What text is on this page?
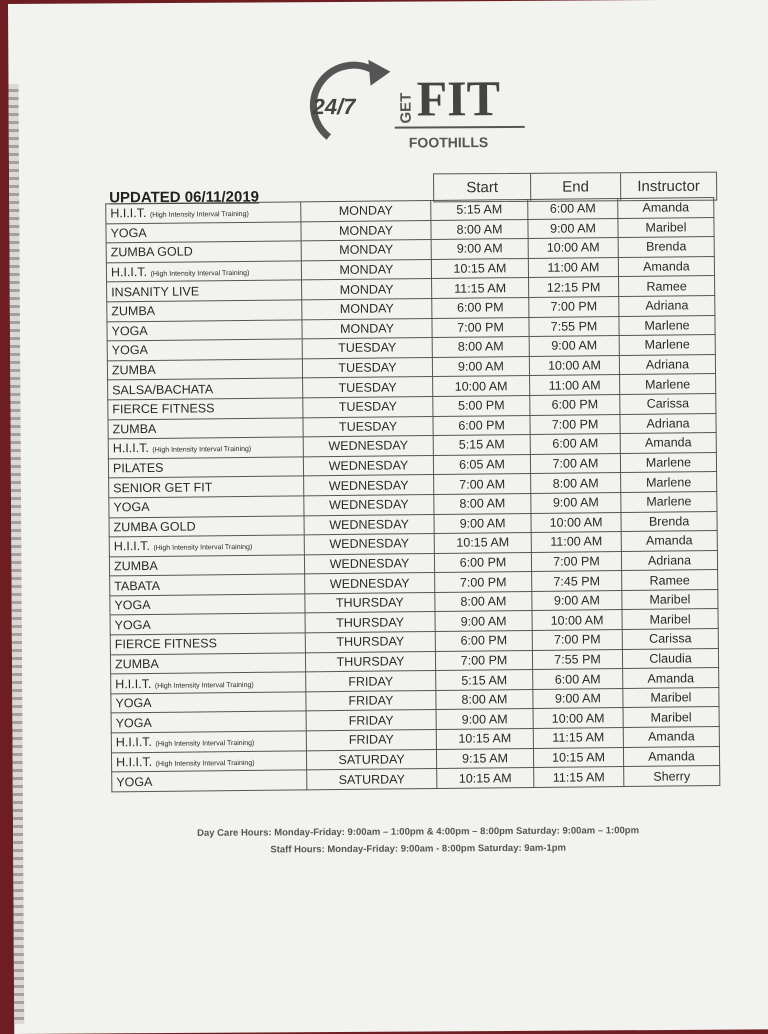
24/7	GET FIT
FOOTHILLS
UPDATED 06/11/2019
Start	End	Instructor
H.I.I.T. (High Intensity Interval Training)	MONDAY	5:15 AM	6:00 AM	Amanda
YOGA	MONDAY	8:00 AM	9:00 AM	Maribel
ZUMBA GOLD	MONDAY	9:00 AM	10:00 AM	Brenda
H.I.I.T. (High Intensity Interval Training)	MONDAY	10:15 AM	11:00 AM	Amanda
INSANITY LIVE	MONDAY	11:15 AM	12:15 PM	Ramee
ZUMBA	MONDAY	6:00 PM	7:00 PM	Adriana
YOGA	MONDAY	7:00 PM	7:55 PM	Marlene
YOGA	TUESDAY	8:00 AM	9:00 AM	Marlene
ZUMBA	TUESDAY	9:00 AM	10:00 AM	Adriana
SALSA/BACHATA	TUESDAY	10:00 AM	11:00 AM	Marlene
FIERCE FITNESS	TUESDAY	5:00 PM	6:00 PM	Carissa
ZUMBA	TUESDAY	6:00 PM	7:00 PM	Adriana
H.I.I.T. (High Intensity Interval Training)	WEDNESDAY	5:15 AM	6:00 AM	Amanda
PILATES	WEDNESDAY	6:05 AM	7:00 AM	Marlene
SENIOR GET FIT	WEDNESDAY	7:00 AM	8:00 AM	Marlene
YOGA	WEDNESDAY	8:00 AM	9:00 AM	Marlene
ZUMBA GOLD	WEDNESDAY	9:00 AM	10:00 AM	Brenda
H.I.I.T. (High Intensity Interval Training)	WEDNESDAY	10:15 AM	11:00 AM	Amanda
ZUMBA	WEDNESDAY	6:00 PM	7:00 PM	Adriana
TABATA	WEDNESDAY	7:00 PM	7:45 PM	Ramee
YOGA	THURSDAY	8:00 AM	9:00 AM	Maribel
YOGA	THURSDAY	9:00 AM	10:00 AM	Maribel
FIERCE FITNESS	THURSDAY	6:00 PM	7:00 PM	Carissa
ZUMBA	THURSDAY	7:00 PM	7:55 PM	Claudia
H.I.I.T. (High Intensity Interval Training)	FRIDAY	5:15 AM	6:00 AM	Amanda
YOGA	FRIDAY	8:00 AM	9:00 AM	Maribel
YOGA	FRIDAY	9:00 AM	10:00 AM	Maribel
H.I.I.T. (High Intensity Interval Training)	FRIDAY	10:15 AM	11:15 AM	Amanda
H.I.I.T. (High Intensity Interval Training)	SATURDAY	9:15 AM	10:15 AM	Amanda
YOGA	SATURDAY	10:15 AM	11:15 AM	Sherry
Day Care Hours: Monday-Friday: 9:00am – 1:00pm & 4:00pm – 8:00pm Saturday: 9:00am – 1:00pm
Staff Hours: Monday-Friday: 9:00am - 8:00pm Saturday: 9am-1pm
